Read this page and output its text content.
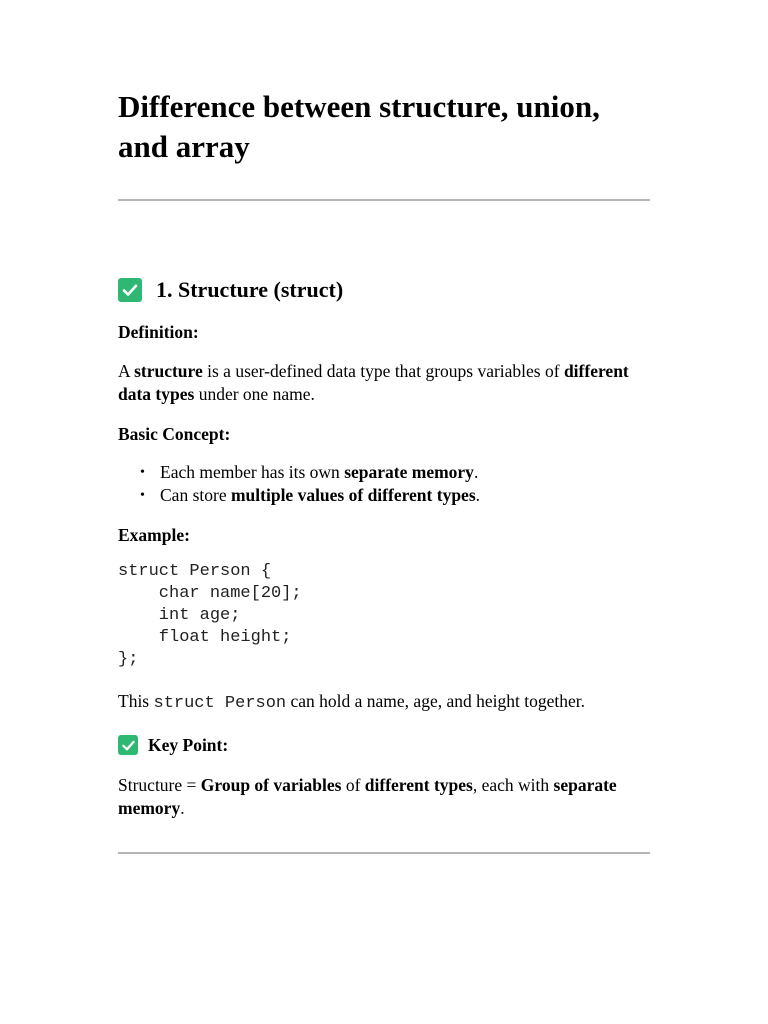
Difference between structure, union, and array
1. Structure (struct)

Definition:

A structure is a user-defined data type that groups variables of different data types under one name.

Basic Concept:

• Each member has its own separate memory.
• Can store multiple values of different types.

Example:

struct Person {
char name[20];
int age;
float height;
};

This struct Person can hold a name, age, and height together.

Key Point:

Structure = Group of variables of different types, each with separate memory.
